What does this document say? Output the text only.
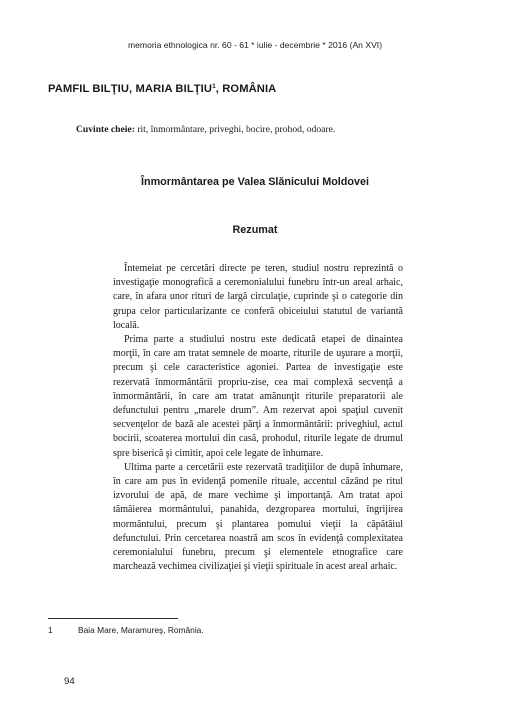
memoria ethnologica nr. 60 - 61 * iulie - decembrie * 2016 (An XVI)
PAMFIL BILŢIU, MARIA BILŢIU$^1$, ROMÂNIA
Cuvinte cheie: rit, înmormântare, priveghi, bocire, prohod, odoare.
Înmormântarea pe Valea Slănicului Moldovei
Rezumat

Întemeiat pe cercetări directe pe teren, studiul nostru reprezintă o investigaţie monografică a ceremonialului funebru într-un areal arhaic, care, în afara unor rituri de largă circulaţie, cuprinde şi o categorie din grupa celor particularizante ce conferă obiceiului statutul de variantă locală.

Prima parte a studiului nostru este dedicată etapei de dinaintea morţii, în care am tratat semnele de moarte, riturile de uşurare a morţii, precum şi cele caracteristice agoniei. Partea de investigaţie este rezervată înmormântării propriu-zise, cea mai complexă secvenţă a înmormântării, în care am tratat amănunţit riturile preparatorii ale defunctului pentru „marele drum”. Am rezervat apoi spaţiul cuvenit secvenţelor de bază ale acestei părţi a înmormântării: priveghiul, actul bocirii, scoaterea mortului din casă, prohodul, riturile legate de drumul spre biserică şi cimitir, apoi cele legate de înhumare.

Ultima parte a cercetării este rezervată tradiţiilor de după înhumare, în care am pus în evidenţă pomenile rituale, accentul căzând pe ritul izvorului de apă, de mare vechime şi importanţă. Am tratat apoi tămâierea mormântului, panahida, dezgroparea mortului, îngrijirea mormântului, precum şi plantarea pomului vieţii la căpătâiul defunctului. Prin cercetarea noastră am scos în evidenţă complexitatea ceremonialului funebru, precum şi elementele etnografice care marchează vechimea civilizaţiei şi vieţii spirituale în acest areal arhaic.

1	Baia Mare, Maramureş, România.
94
